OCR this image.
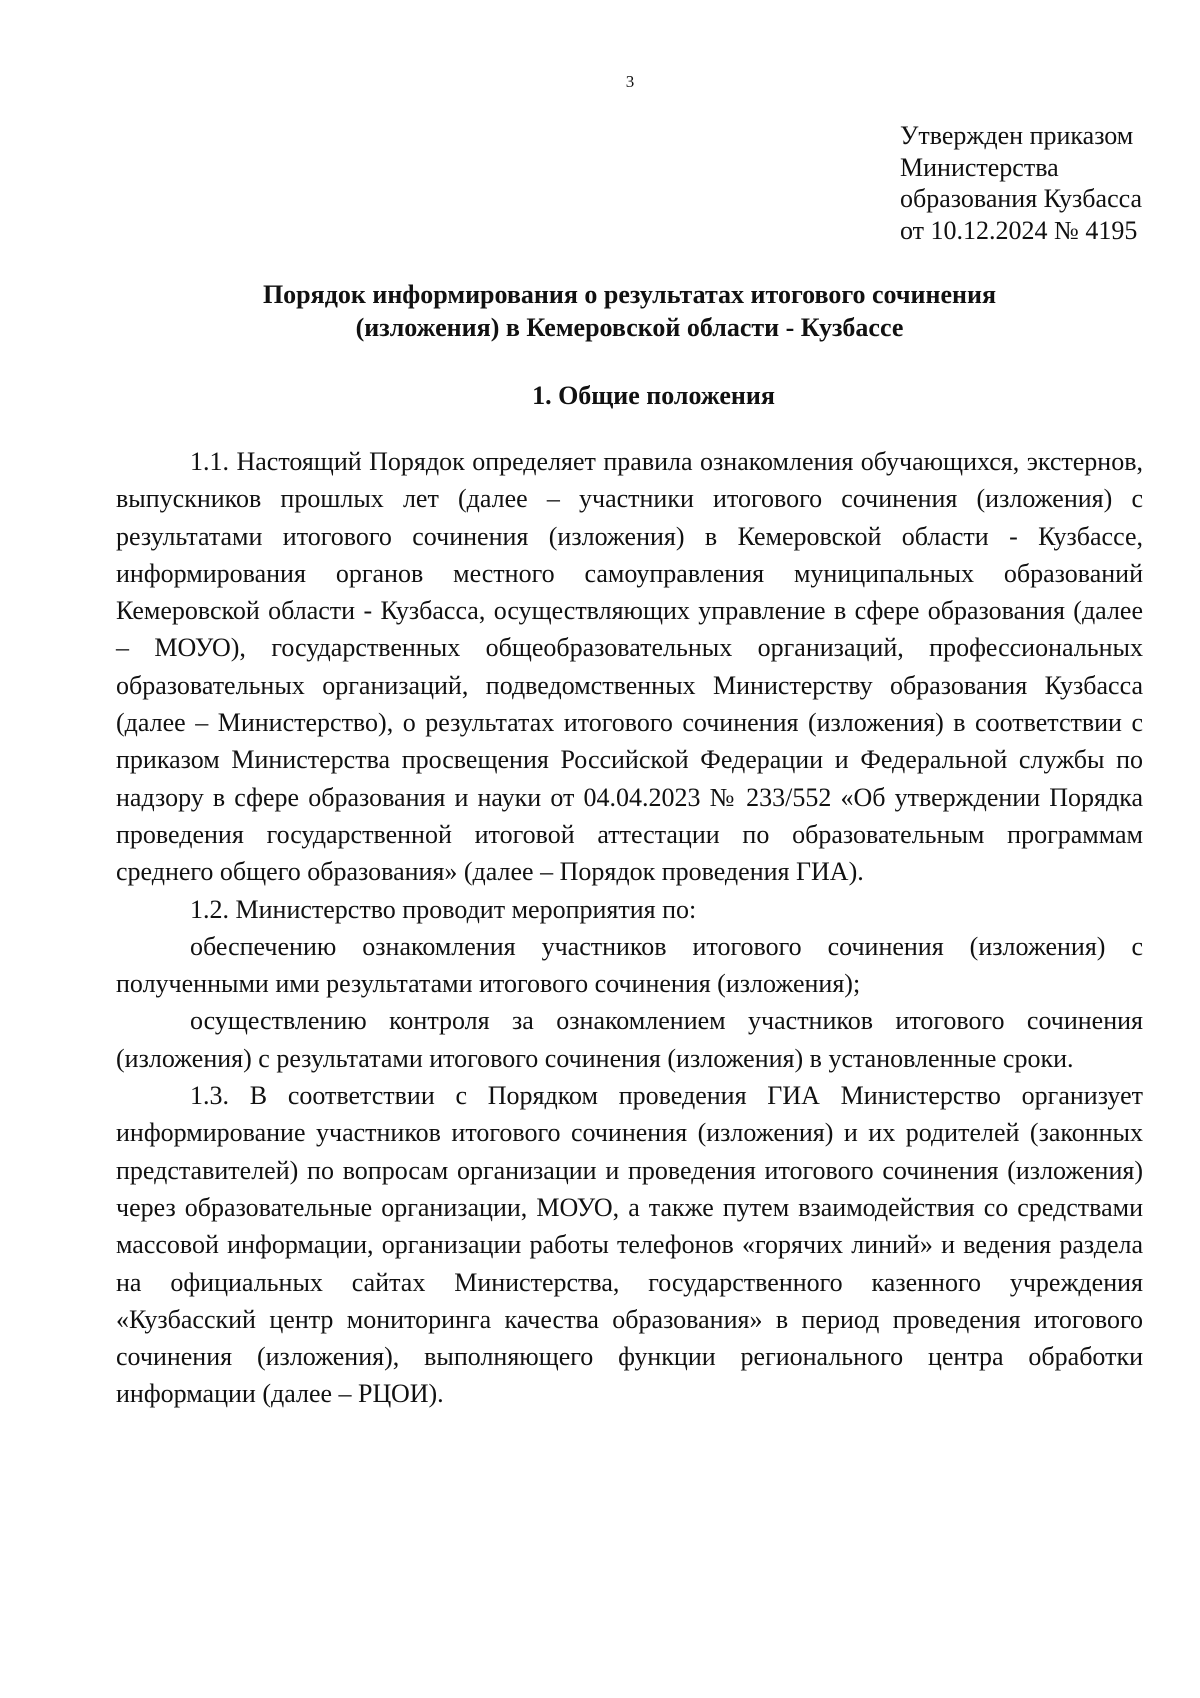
3
Утвержден приказом
Министерства
образования Кузбасса
от 10.12.2024 № 4195
Порядок информирования о результатах итогового сочинения
(изложения) в Кемеровской области - Кузбассе
1. Общие положения

1.1. Настоящий Порядок определяет правила ознакомления обучающихся, экстернов, выпускников прошлых лет (далее – участники итогового сочинения (изложения) с результатами итогового сочинения (изложения) в Кемеровской области - Кузбассе, информирования органов местного самоуправления муниципальных образований Кемеровской области - Кузбасса, осуществляющих управление в сфере образования (далее – МОУО), государственных общеобразовательных организаций, профессиональных образовательных организаций, подведомственных Министерству образования Кузбасса (далее – Министерство), о результатах итогового сочинения (изложения) в соответствии с приказом Министерства просвещения Российской Федерации и Федеральной службы по надзору в сфере образования и науки от 04.04.2023 № 233/552 «Об утверждении Порядка проведения государственной итоговой аттестации по образовательным программам среднего общего образования» (далее – Порядок проведения ГИА).

1.2. Министерство проводит мероприятия по:

обеспечению ознакомления участников итогового сочинения (изложения) с полученными ими результатами итогового сочинения (изложения);

осуществлению контроля за ознакомлением участников итогового сочинения (изложения) с результатами итогового сочинения (изложения) в установленные сроки.

1.3. В соответствии с Порядком проведения ГИА Министерство организует информирование участников итогового сочинения (изложения) и их родителей (законных представителей) по вопросам организации и проведения итогового сочинения (изложения) через образовательные организации, МОУО, а также путем взаимодействия со средствами массовой информации, организации работы телефонов «горячих линий» и ведения раздела на официальных сайтах Министерства, государственного казенного учреждения «Кузбасский центр мониторинга качества образования» в период проведения итогового сочинения (изложения), выполняющего функции регионального центра обработки информации (далее – РЦОИ).
